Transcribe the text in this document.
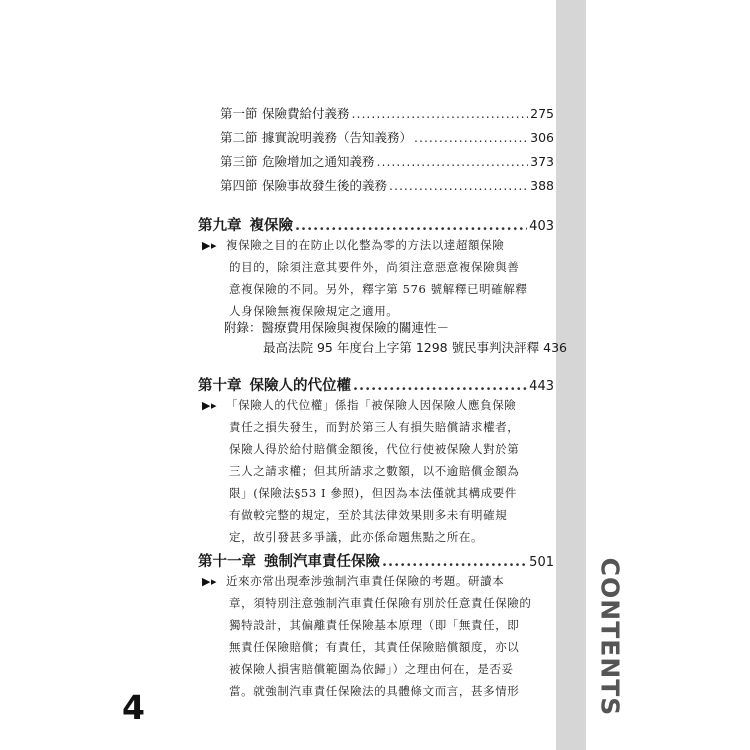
CONTENTS
第一節 保險費給付義務 .....	275
第二節 據實說明義務（告知義務） .....	306
第三節 危險增加之通知義務 .....	373
第四節 保險事故發生後的義務 .....	388
第九章 複保險 .....	403
▶▸ 複保險之目的在防止以化整為零的方法以達超額保險
的目的，除須注意其要件外，尚須注意惡意複保險與善
意複保險的不同。另外，釋字第 576 號解釋已明確解釋
人身保險無複保險規定之適用。
附錄：醫療費用保險與複保險的關連性－
最高法院 95 年度台上字第 1298 號民事判決評釋 436
第十章 保險人的代位權 .....	443
▶▸ 「保險人的代位權」係指「被保險人因保險人應負保險
責任之損失發生，而對於第三人有損失賠償請求權者，
保險人得於給付賠償金額後，代位行使被保險人對於第
三人之請求權；但其所請求之數額，以不逾賠償金額為
限」(保險法§53 I 參照)，但因為本法僅就其構成要件
有做較完整的規定，至於其法律效果則多未有明確規
定，故引發甚多爭議，此亦係命題焦點之所在。
第十一章 強制汽車責任保險 .....	501
▶▸ 近來亦常出現牽涉強制汽車責任保險的考題。研讀本
章，須特別注意強制汽車責任保險有別於任意責任保險的
獨特設計，其偏離責任保險基本原理（即「無責任，即
無責任保險賠償；有責任，其責任保險賠償額度，亦以
被保險人損害賠償範圍為依歸」）之理由何在，是否妥
當。就強制汽車責任保險法的具體條文而言，甚多情形
4
